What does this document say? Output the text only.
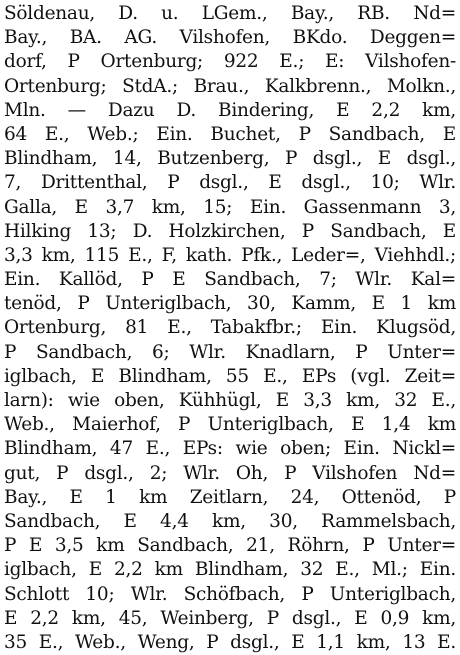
Söldenau, D. u. LGem., Bay., RB. Nd=
Bay., BA. AG. Vilshofen, BKdo. Deggen=
dorf, P Ortenburg; 922 E.; E: Vilshofen-
Ortenburg; StdA.; Brau., Kalkbrenn., Molkn.,
Mln. — Dazu D. Bindering, E 2,2 km,
64 E., Web.; Ein. Buchet, P Sandbach, E
Blindham, 14, Butzenberg, P dsgl., E dsgl.,
7, Drittenthal, P dsgl., E dsgl., 10; Wlr.
Galla, E 3,7 km, 15; Ein. Gassenmann 3,
Hilking 13; D. Holzkirchen, P Sandbach, E
3,3 km, 115 E., F, kath. Pfk., Leder=, Viehhdl.;
Ein. Kallöd, P E Sandbach, 7; Wlr. Kal=
tenöd, P Unteriglbach, 30, Kamm, E 1 km
Ortenburg, 81 E., Tabakfbr.; Ein. Klugsöd,
P Sandbach, 6; Wlr. Knadlarn, P Unter=
iglbach, E Blindham, 55 E., EPs (vgl. Zeit=
larn): wie oben, Kühhügl, E 3,3 km, 32 E.,
Web., Maierhof, P Unteriglbach, E 1,4 km
Blindham, 47 E., EPs: wie oben; Ein. Nickl=
gut, P dsgl., 2; Wlr. Oh, P Vilshofen Nd=
Bay., E 1 km Zeitlarn, 24, Ottenöd, P
Sandbach, E 4,4 km, 30, Rammelsbach,
P E 3,5 km Sandbach, 21, Röhrn, P Unter=
iglbach, E 2,2 km Blindham, 32 E., Ml.; Ein.
Schlott 10; Wlr. Schöfbach, P Unteriglbach,
E 2,2 km, 45, Weinberg, P dsgl., E 0,9 km,
35 E., Web., Weng, P dsgl., E 1,1 km, 13 E.
